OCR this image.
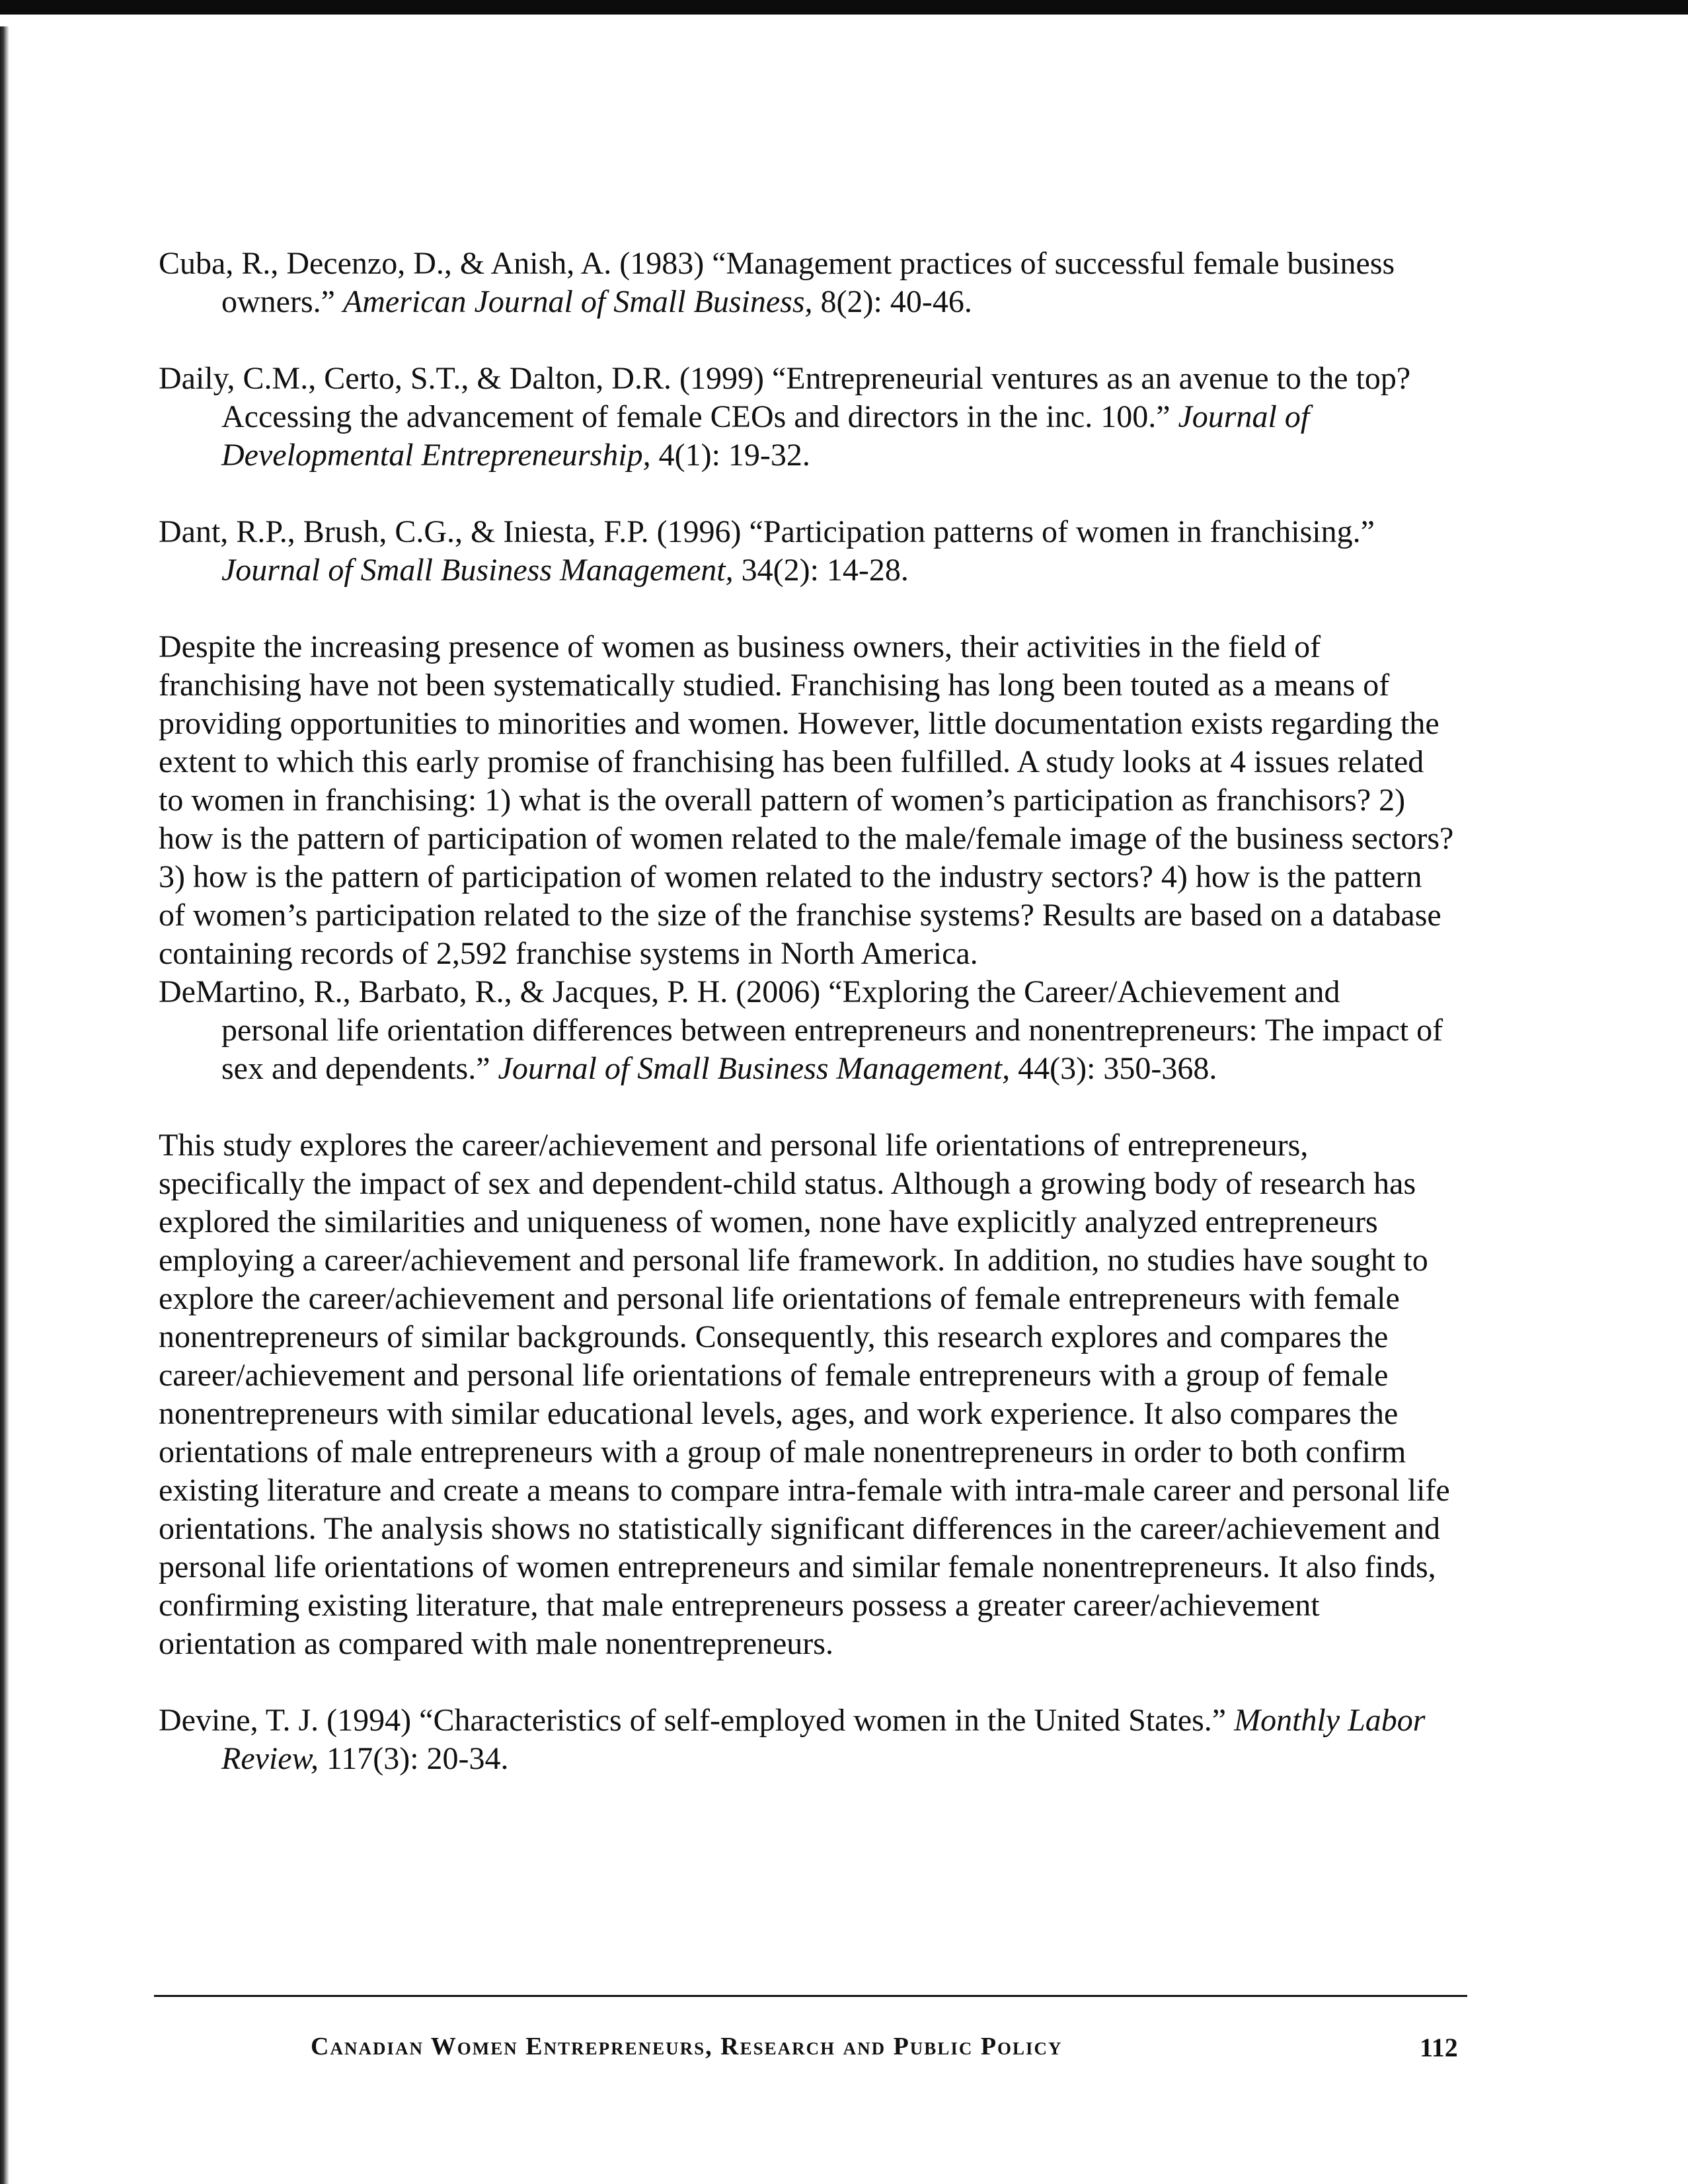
Cuba, R., Decenzo, D., & Anish, A. (1983) “Management practices of successful female business owners.” American Journal of Small Business, 8(2): 40-46.

Daily, C.M., Certo, S.T., & Dalton, D.R. (1999) “Entrepreneurial ventures as an avenue to the top? Accessing the advancement of female CEOs and directors in the inc. 100.” Journal of Developmental Entrepreneurship, 4(1): 19-32.

Dant, R.P., Brush, C.G., & Iniesta, F.P. (1996) “Participation patterns of women in franchising.” Journal of Small Business Management, 34(2): 14-28.

Despite the increasing presence of women as business owners, their activities in the field of franchising have not been systematically studied. Franchising has long been touted as a means of providing opportunities to minorities and women. However, little documentation exists regarding the extent to which this early promise of franchising has been fulfilled. A study looks at 4 issues related to women in franchising: 1) what is the overall pattern of women’s participation as franchisors? 2) how is the pattern of participation of women related to the male/female image of the business sectors? 3) how is the pattern of participation of women related to the industry sectors? 4) how is the pattern of women’s participation related to the size of the franchise systems? Results are based on a database containing records of 2,592 franchise systems in North America.

DeMartino, R., Barbato, R., & Jacques, P. H. (2006) “Exploring the Career/Achievement and personal life orientation differences between entrepreneurs and nonentrepreneurs: The impact of sex and dependents.” Journal of Small Business Management, 44(3): 350-368.

This study explores the career/achievement and personal life orientations of entrepreneurs, specifically the impact of sex and dependent-child status. Although a growing body of research has explored the similarities and uniqueness of women, none have explicitly analyzed entrepreneurs employing a career/achievement and personal life framework. In addition, no studies have sought to explore the career/achievement and personal life orientations of female entrepreneurs with female nonentrepreneurs of similar backgrounds. Consequently, this research explores and compares the career/achievement and personal life orientations of female entrepreneurs with a group of female nonentrepreneurs with similar educational levels, ages, and work experience. It also compares the orientations of male entrepreneurs with a group of male nonentrepreneurs in order to both confirm existing literature and create a means to compare intra-female with intra-male career and personal life orientations. The analysis shows no statistically significant differences in the career/achievement and personal life orientations of women entrepreneurs and similar female nonentrepreneurs. It also finds, confirming existing literature, that male entrepreneurs possess a greater career/achievement orientation as compared with male nonentrepreneurs.

Devine, T. J. (1994) “Characteristics of self-employed women in the United States.” Monthly Labor Review, 117(3): 20-34.

Canadian Women Entrepreneurs, Research and Public Policy	112
